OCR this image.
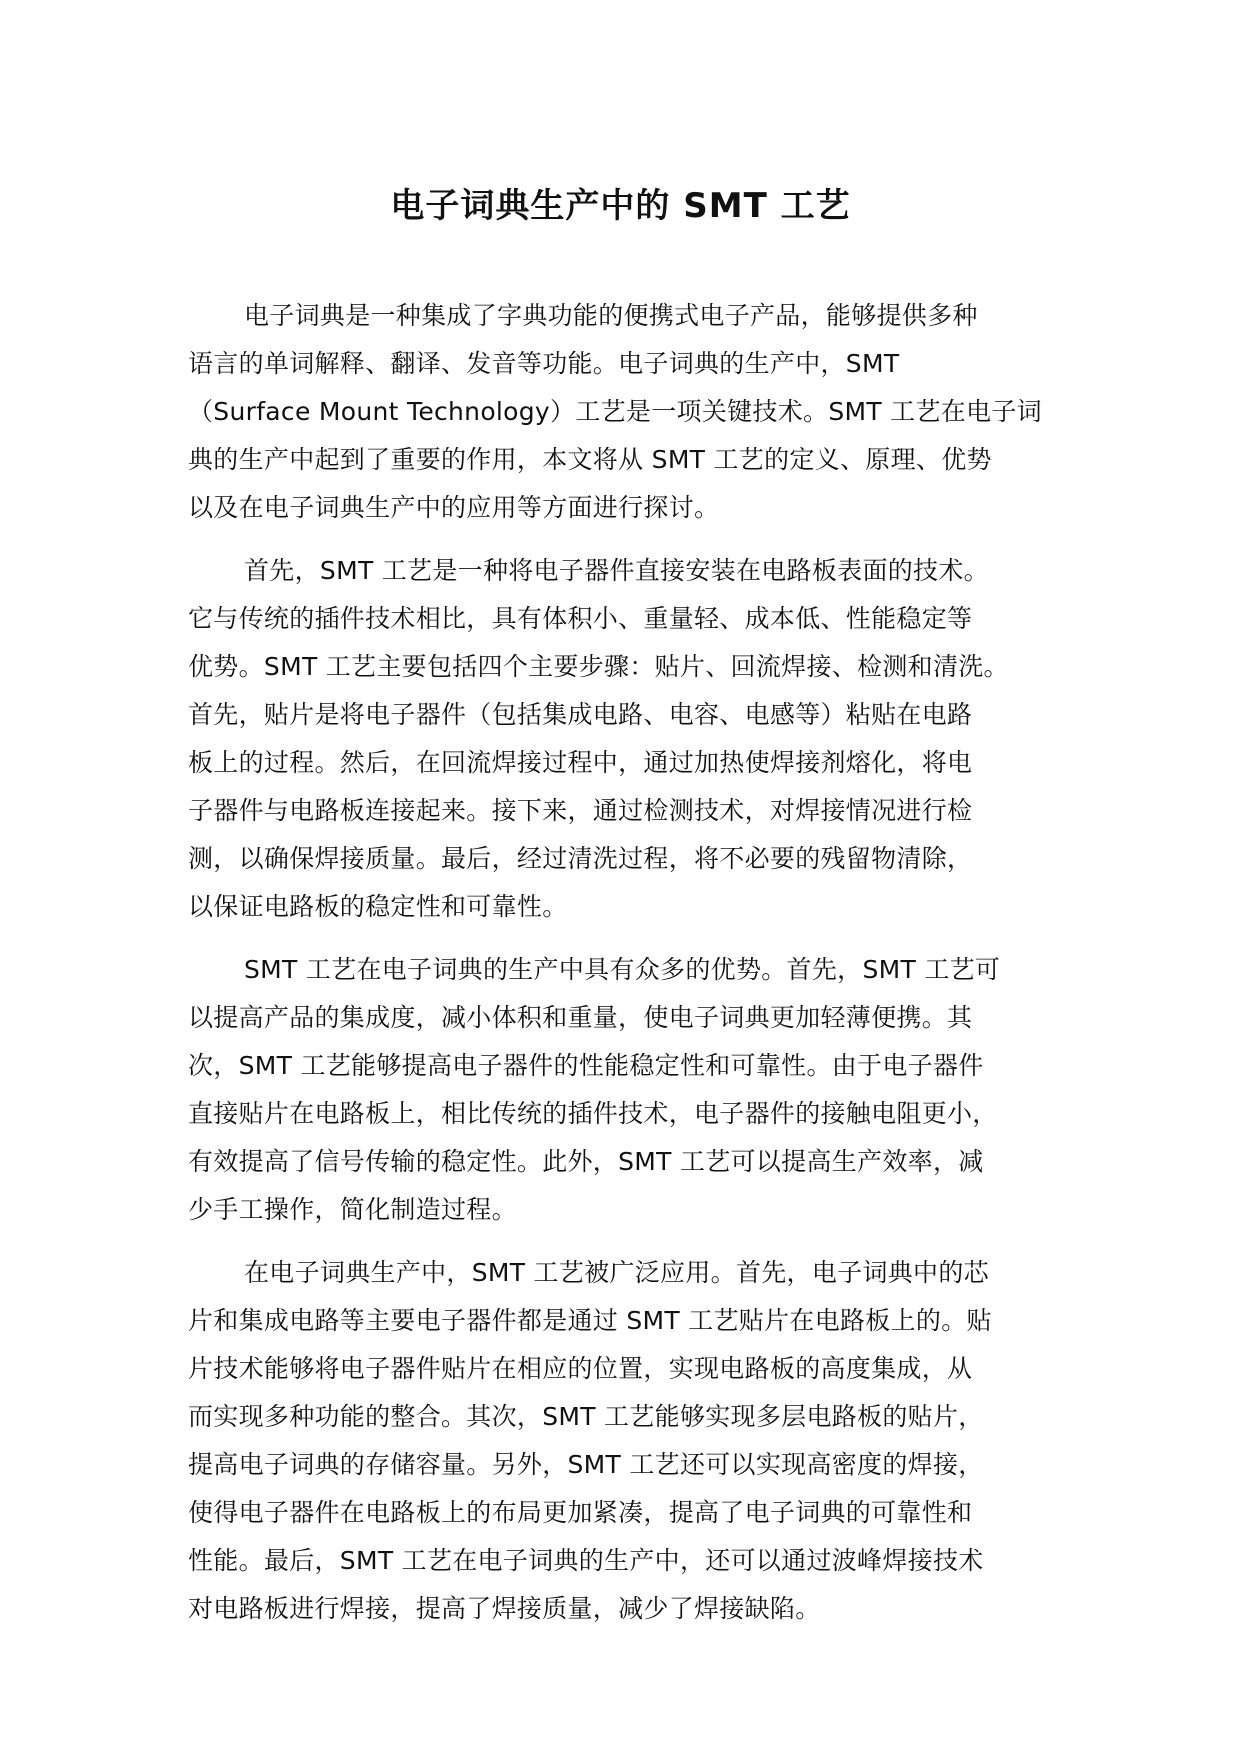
电子词典生产中的 SMT 工艺
电子词典是一种集成了字典功能的便携式电子产品，能够提供多种
语言的单词解释、翻译、发音等功能。电子词典的生产中，SMT
（Surface Mount Technology）工艺是一项关键技术。SMT 工艺在电子词
典的生产中起到了重要的作用，本文将从 SMT 工艺的定义、原理、优势
以及在电子词典生产中的应用等方面进行探讨。
首先，SMT 工艺是一种将电子器件直接安装在电路板表面的技术。
它与传统的插件技术相比，具有体积小、重量轻、成本低、性能稳定等
优势。SMT 工艺主要包括四个主要步骤：贴片、回流焊接、检测和清洗。
首先，贴片是将电子器件（包括集成电路、电容、电感等）粘贴在电路
板上的过程。然后，在回流焊接过程中，通过加热使焊接剂熔化，将电
子器件与电路板连接起来。接下来，通过检测技术，对焊接情况进行检
测，以确保焊接质量。最后，经过清洗过程，将不必要的残留物清除，
以保证电路板的稳定性和可靠性。
SMT 工艺在电子词典的生产中具有众多的优势。首先，SMT 工艺可
以提高产品的集成度，减小体积和重量，使电子词典更加轻薄便携。其
次，SMT 工艺能够提高电子器件的性能稳定性和可靠性。由于电子器件
直接贴片在电路板上，相比传统的插件技术，电子器件的接触电阻更小，
有效提高了信号传输的稳定性。此外，SMT 工艺可以提高生产效率，减
少手工操作，简化制造过程。
在电子词典生产中，SMT 工艺被广泛应用。首先，电子词典中的芯
片和集成电路等主要电子器件都是通过 SMT 工艺贴片在电路板上的。贴
片技术能够将电子器件贴片在相应的位置，实现电路板的高度集成，从
而实现多种功能的整合。其次，SMT 工艺能够实现多层电路板的贴片，
提高电子词典的存储容量。另外，SMT 工艺还可以实现高密度的焊接，
使得电子器件在电路板上的布局更加紧凑，提高了电子词典的可靠性和
性能。最后，SMT 工艺在电子词典的生产中，还可以通过波峰焊接技术
对电路板进行焊接，提高了焊接质量，减少了焊接缺陷。
